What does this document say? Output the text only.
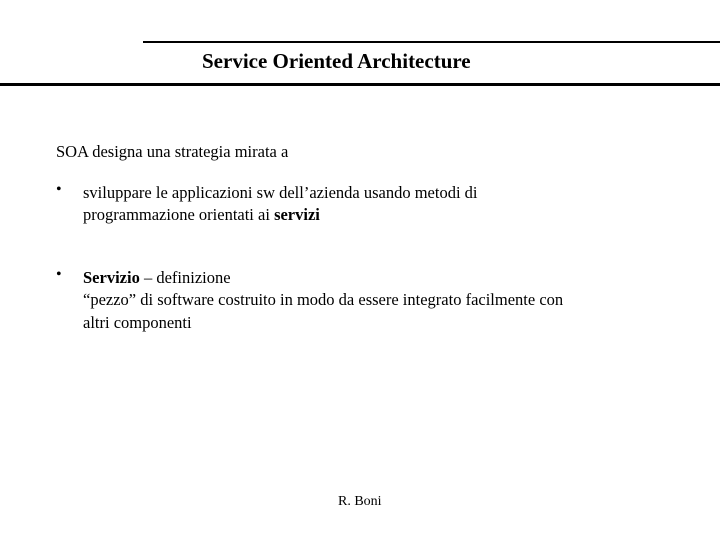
Service Oriented Architecture
SOA designa una strategia mirata a
• sviluppare le applicazioni sw dell’azienda usando metodi di
programmazione orientati ai servizi
• Servizio – definizione
“pezzo” di software costruito in modo da essere integrato facilmente con
altri componenti
R. Boni
